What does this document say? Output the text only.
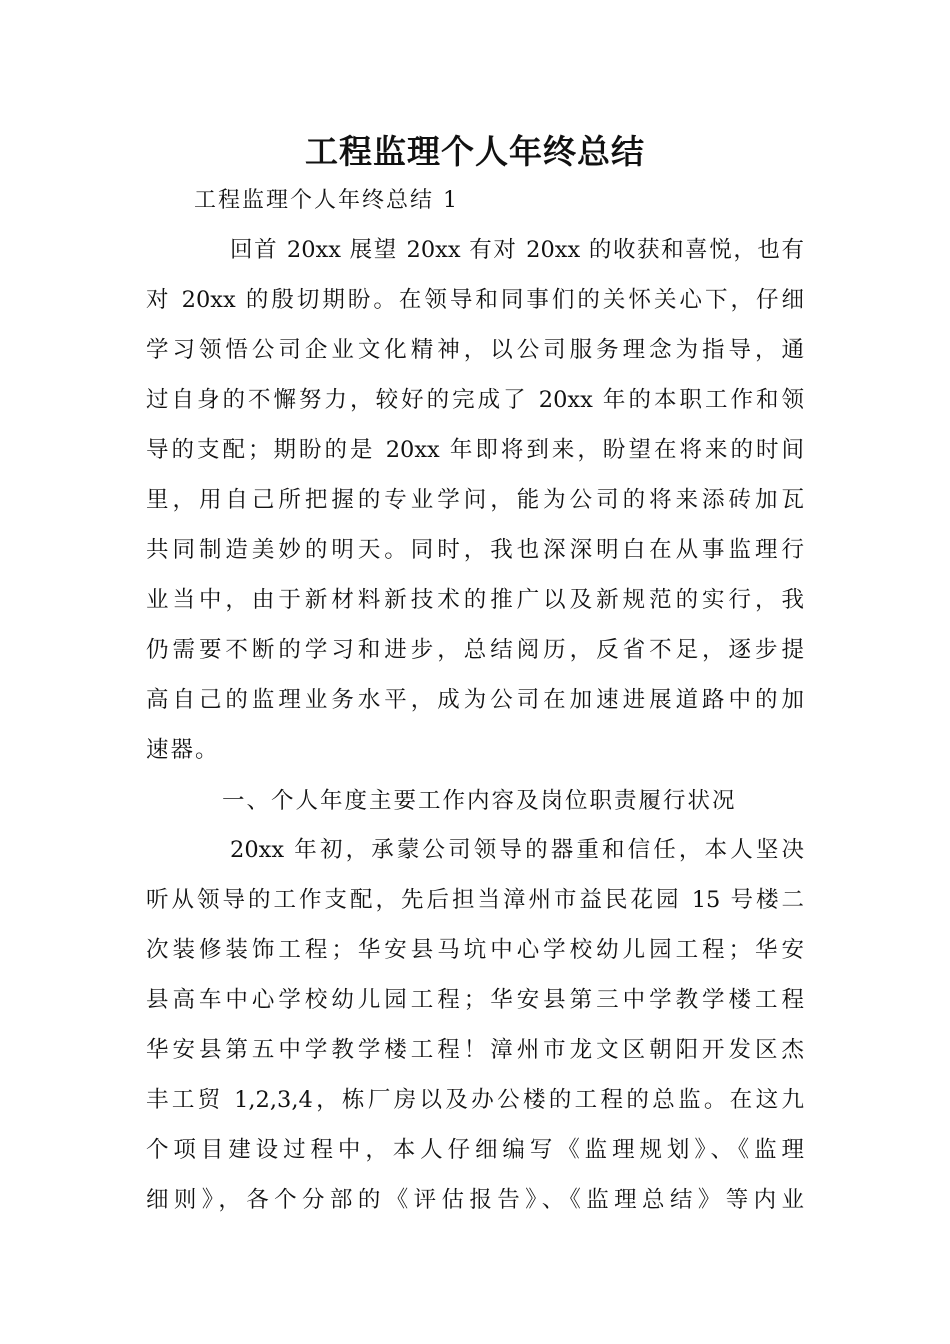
工程监理个人年终总结

工程监理个人年终总结 1

回首 20xx 展望 20xx 有对 20xx 的收获和喜悦，也有

对 20xx 的殷切期盼。在领导和同事们的关怀关心下，仔细

学习领悟公司企业文化精神，以公司服务理念为指导，通

过自身的不懈努力，较好的完成了 20xx 年的本职工作和领

导的支配；期盼的是 20xx 年即将到来，盼望在将来的时间

里，用自己所把握的专业学问，能为公司的将来添砖加瓦

共同制造美妙的明天。同时，我也深深明白在从事监理行

业当中，由于新材料新技术的推广以及新规范的实行，我

仍需要不断的学习和进步，总结阅历，反省不足，逐步提

高自己的监理业务水平，成为公司在加速进展道路中的加

速器。

一、个人年度主要工作内容及岗位职责履行状况

20xx 年初，承蒙公司领导的器重和信任，本人坚决

听从领导的工作支配，先后担当漳州市益民花园 15 号楼二

次装修装饰工程；华安县马坑中心学校幼儿园工程；华安

县高车中心学校幼儿园工程；华安县第三中学教学楼工程

华安县第五中学教学楼工程！漳州市龙文区朝阳开发区杰

丰工贸 1,2,3,4，栋厂房以及办公楼的工程的总监。在这九

个项目建设过程中，本人仔细编写《监理规划》、《监理

细则》，各个分部的《评估报告》、《监理总结》等内业
